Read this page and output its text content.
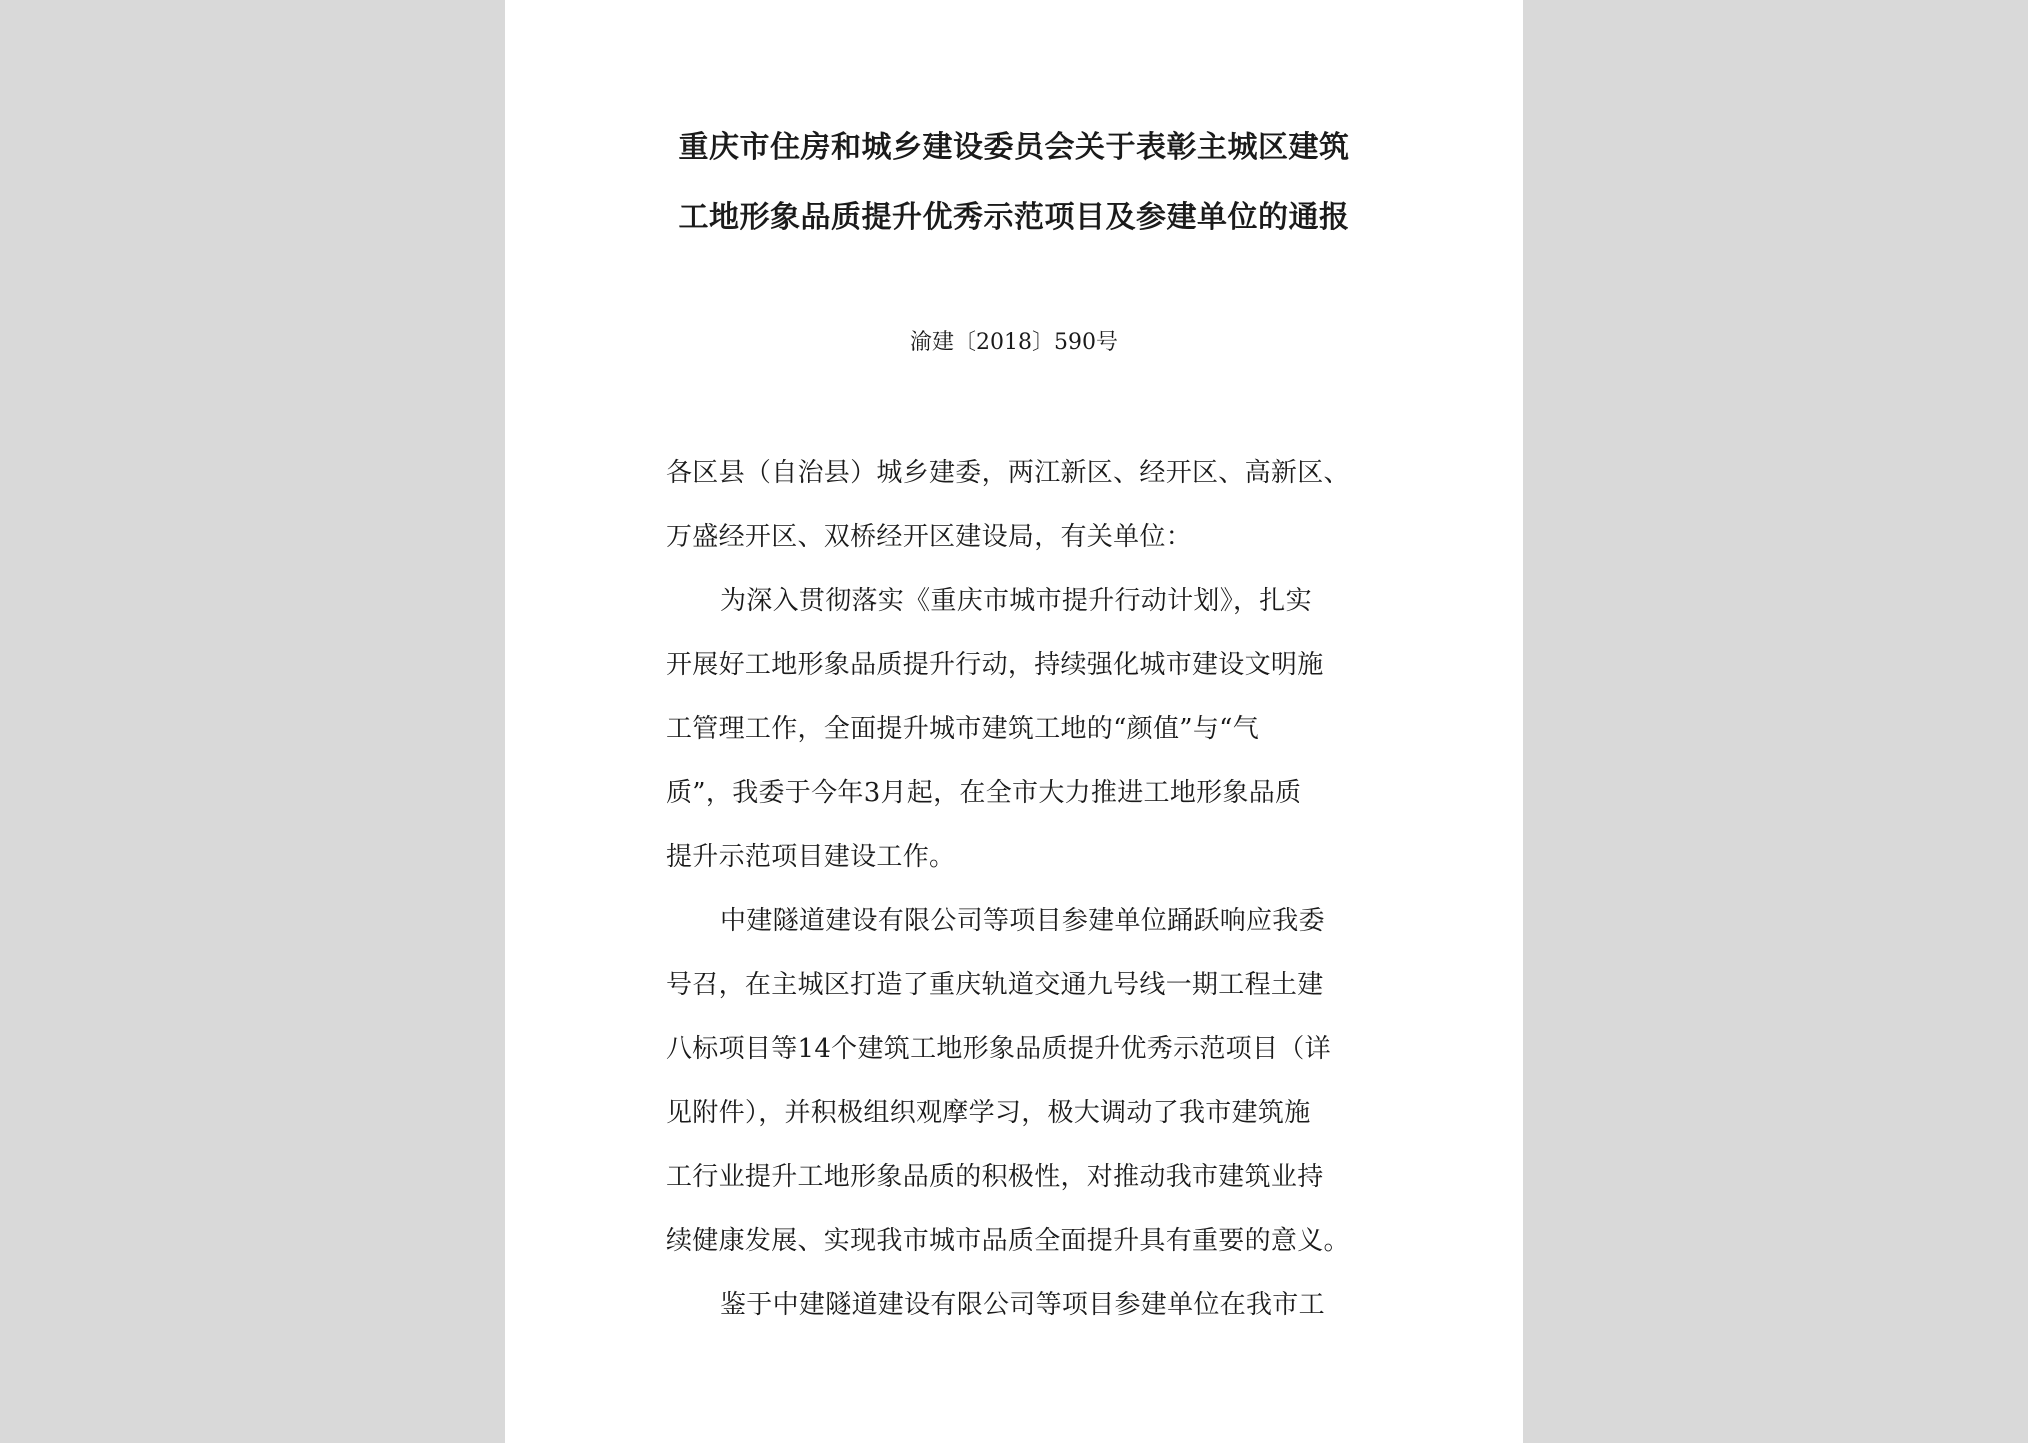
重庆市住房和城乡建设委员会关于表彰主城区建筑
工地形象品质提升优秀示范项目及参建单位的通报
渝建〔2018〕590号
各区县（自治县）城乡建委，两江新区、经开区、高新区、
万盛经开区、双桥经开区建设局，有关单位：
为深入贯彻落实《重庆市城市提升行动计划》，扎实
开展好工地形象品质提升行动，持续强化城市建设文明施
工管理工作，全面提升城市建筑工地的“颜值”与“气
质”，我委于今年3月起，在全市大力推进工地形象品质
提升示范项目建设工作。
中建隧道建设有限公司等项目参建单位踊跃响应我委
号召，在主城区打造了重庆轨道交通九号线一期工程土建
八标项目等14个建筑工地形象品质提升优秀示范项目（详
见附件），并积极组织观摩学习，极大调动了我市建筑施
工行业提升工地形象品质的积极性，对推动我市建筑业持
续健康发展、实现我市城市品质全面提升具有重要的意义。
鉴于中建隧道建设有限公司等项目参建单位在我市工
